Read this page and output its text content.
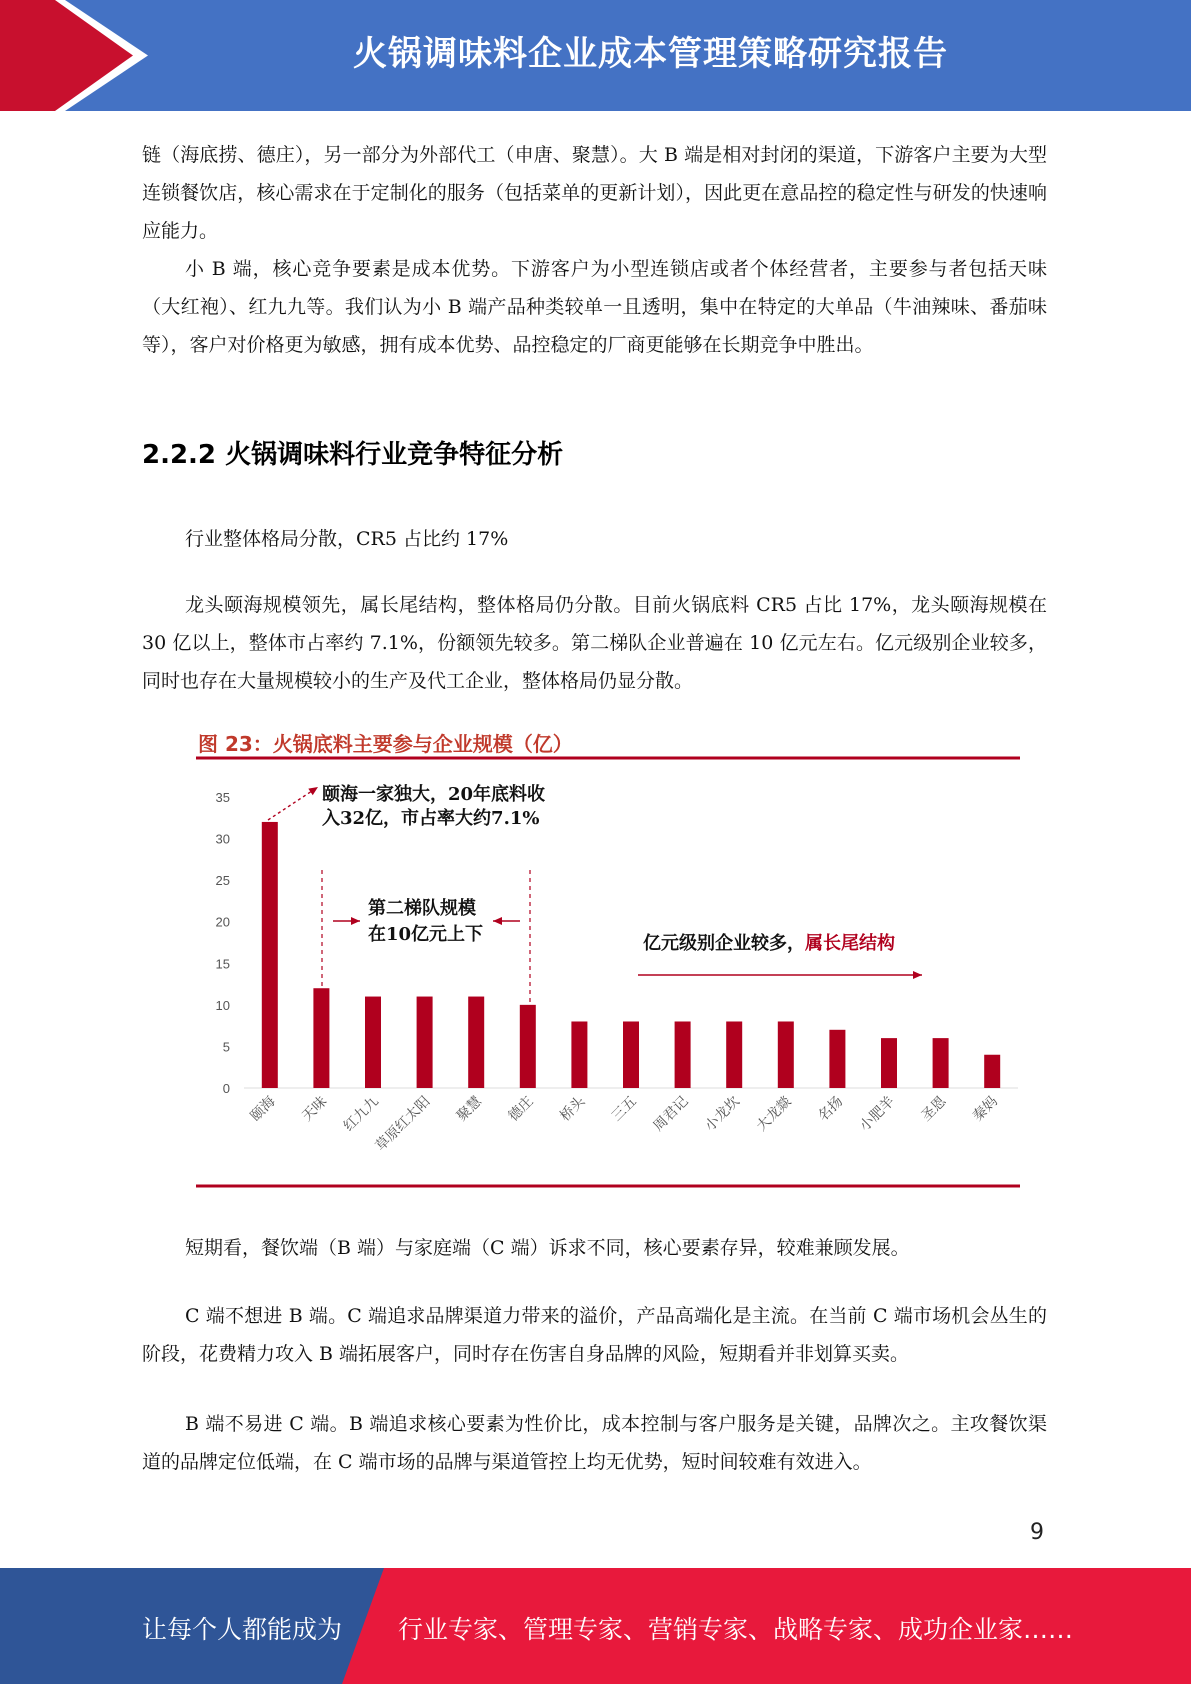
火锅调味料企业成本管理策略研究报告

链（海底捞、德庄），另一部分为外部代工（申唐、聚慧）。大 B 端是相对封闭的渠道，下游客户主要为大型连锁餐饮店，核心需求在于定制化的服务（包括菜单的更新计划），因此更在意品控的稳定性与研发的快速响应能力。

小 B 端，核心竞争要素是成本优势。下游客户为小型连锁店或者个体经营者，主要参与者包括天味（大红袍）、红九九等。我们认为小 B 端产品种类较单一且透明，集中在特定的大单品（牛油辣味、番茄味等），客户对价格更为敏感，拥有成本优势、品控稳定的厂商更能够在长期竞争中胜出。

2.2.2 火锅调味料行业竞争特征分析

行业整体格局分散，CR5 占比约 17%

龙头颐海规模领先，属长尾结构，整体格局仍分散。目前火锅底料 CR5 占比 17%，龙头颐海规模在 30 亿以上，整体市占率约 7.1%，份额领先较多。第二梯队企业普遍在 10 亿元左右。亿元级别企业较多，同时也存在大量规模较小的生产及代工企业，整体格局仍显分散。

图 23：火锅底料主要参与企业规模（亿）
0
5
10
15
20
25
30
35
颐海 天味 红九九
草原红太阳 聚慧 德庄 桥头 三五 周君记 小龙坎 大龙燚 名扬 小肥羊 圣恩 秦妈
颐海一家独大，20年底料收
入32亿，市占率大约7.1%
第二梯队规模
在10亿元上下	亿元级别企业较多，属长尾结构

短期看，餐饮端（B 端）与家庭端（C 端）诉求不同，核心要素存异，较难兼顾发展。

C 端不想进 B 端。C 端追求品牌渠道力带来的溢价，产品高端化是主流。在当前 C 端市场机会丛生的阶段，花费精力攻入 B 端拓展客户，同时存在伤害自身品牌的风险，短期看并非划算买卖。

B 端不易进 C 端。B 端追求核心要素为性价比，成本控制与客户服务是关键，品牌次之。主攻餐饮渠道的品牌定位低端，在 C 端市场的品牌与渠道管控上均无优势，短时间较难有效进入。

9
让每个人都能成为 行业专家、管理专家、营销专家、战略专家、成功企业家……
